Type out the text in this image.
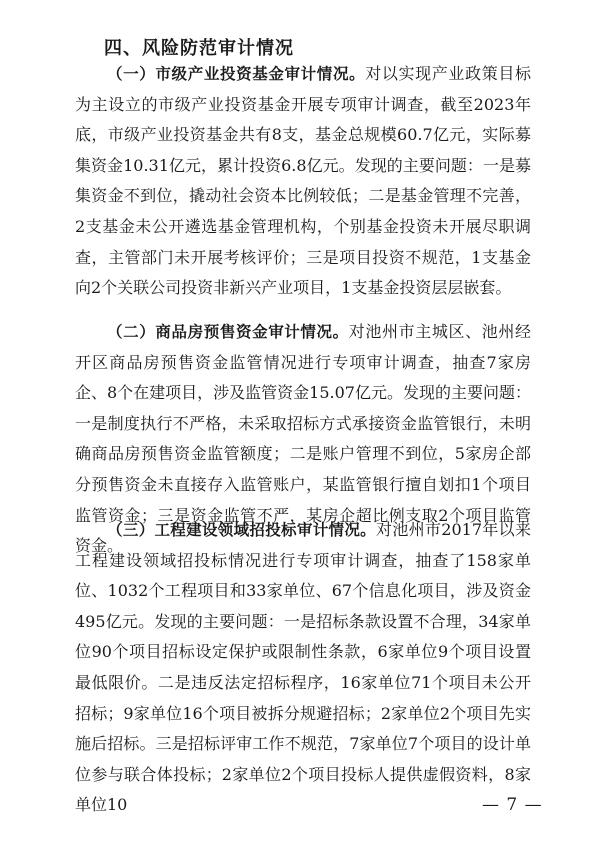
四、风险防范审计情况

（一）市级产业投资基金审计情况。对以实现产业政策目标为主设立的市级产业投资基金开展专项审计调查，截至2023年底，市级产业投资基金共有8支，基金总规模60.7亿元，实际募集资金10.31亿元，累计投资6.8亿元。发现的主要问题：一是募集资金不到位，撬动社会资本比例较低；二是基金管理不完善，2支基金未公开遴选基金管理机构，个别基金投资未开展尽职调查，主管部门未开展考核评价；三是项目投资不规范，1支基金向2个关联公司投资非新兴产业项目，1支基金投资层层嵌套。

（二）商品房预售资金审计情况。对池州市主城区、池州经开区商品房预售资金监管情况进行专项审计调查，抽查7家房企、8个在建项目，涉及监管资金15.07亿元。发现的主要问题：一是制度执行不严格，未采取招标方式承接资金监管银行，未明确商品房预售资金监管额度；二是账户管理不到位，5家房企部分预售资金未直接存入监管账户，某监管银行擅自划扣1个项目监管资金；三是资金监管不严，某房企超比例支取2个项目监管资金。

（三）工程建设领域招投标审计情况。对池州市2017年以来工程建设领域招投标情况进行专项审计调查，抽查了158家单位、1032个工程项目和33家单位、67个信息化项目，涉及资金495亿元。发现的主要问题：一是招标条款设置不合理，34家单位90个项目招标设定保护或限制性条款，6家单位9个项目设置最低限价。二是违反法定招标程序，16家单位71个项目未公开招标；9家单位16个项目被拆分规避招标；2家单位2个项目先实施后招标。三是招标评审工作不规范，7家单位7个项目的设计单位参与联合体投标；2家单位2个项目投标人提供虚假资料，8家单位10	— 7 —
